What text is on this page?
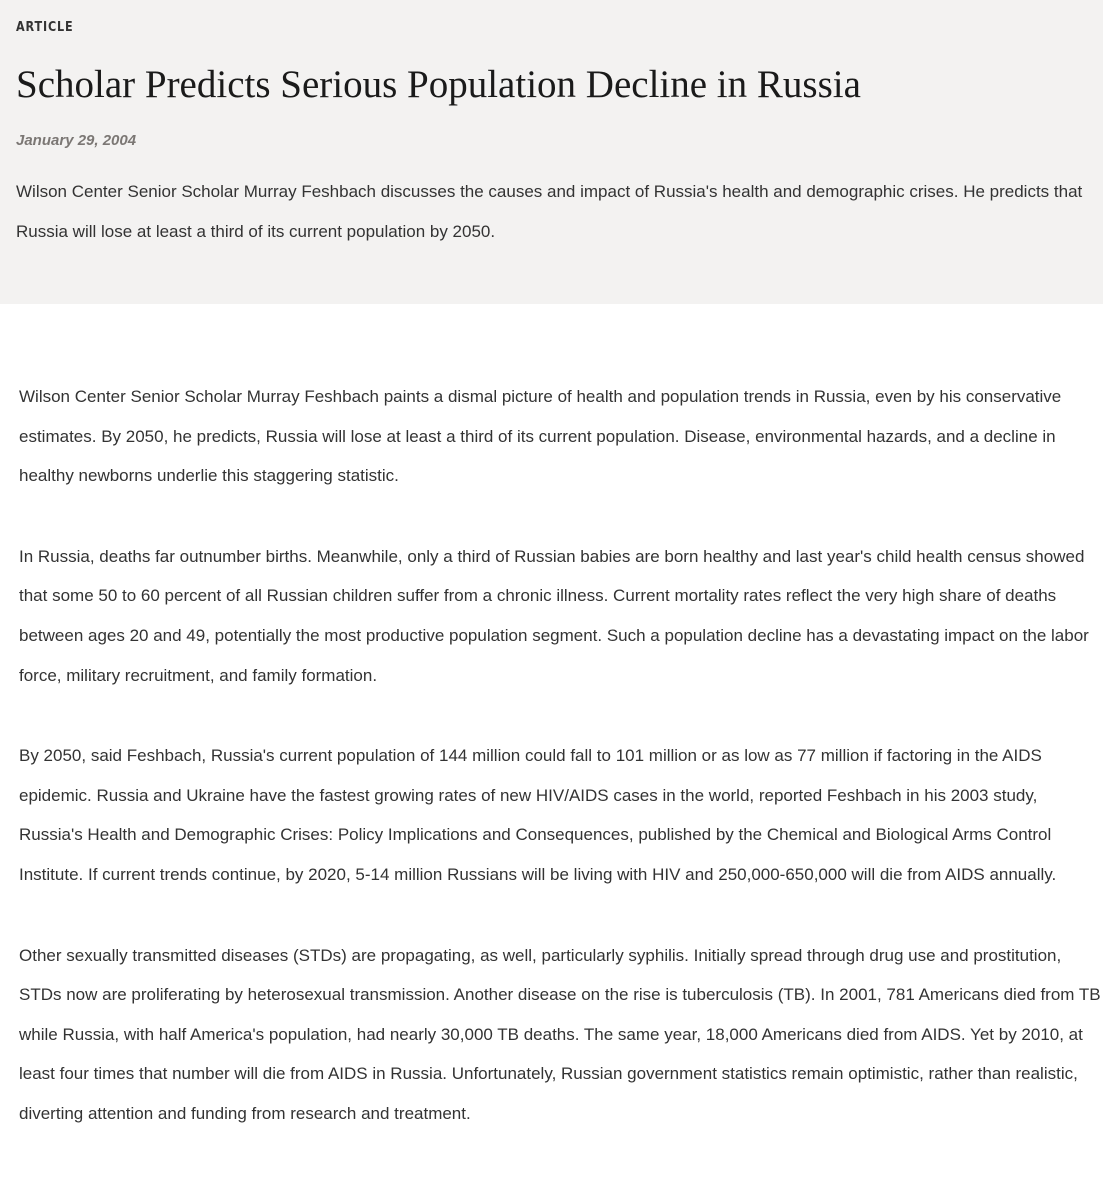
ARTICLE
Scholar Predicts Serious Population Decline in Russia
January 29, 2004

Wilson Center Senior Scholar Murray Feshbach discusses the causes and impact of Russia's health and demographic crises. He predicts that Russia will lose at least a third of its current population by 2050.

Wilson Center Senior Scholar Murray Feshbach paints a dismal picture of health and population trends in Russia, even by his conservative estimates. By 2050, he predicts, Russia will lose at least a third of its current population. Disease, environmental hazards, and a decline in healthy newborns underlie this staggering statistic.

In Russia, deaths far outnumber births. Meanwhile, only a third of Russian babies are born healthy and last year's child health census showed that some 50 to 60 percent of all Russian children suffer from a chronic illness. Current mortality rates reflect the very high share of deaths between ages 20 and 49, potentially the most productive population segment. Such a population decline has a devastating impact on the labor force, military recruitment, and family formation.

By 2050, said Feshbach, Russia's current population of 144 million could fall to 101 million or as low as 77 million if factoring in the AIDS epidemic. Russia and Ukraine have the fastest growing rates of new HIV/AIDS cases in the world, reported Feshbach in his 2003 study, Russia's Health and Demographic Crises: Policy Implications and Consequences, published by the Chemical and Biological Arms Control Institute. If current trends continue, by 2020, 5-14 million Russians will be living with HIV and 250,000-650,000 will die from AIDS annually.

Other sexually transmitted diseases (STDs) are propagating, as well, particularly syphilis. Initially spread through drug use and prostitution, STDs now are proliferating by heterosexual transmission. Another disease on the rise is tuberculosis (TB). In 2001, 781 Americans died from TB while Russia, with half America's population, had nearly 30,000 TB deaths. The same year, 18,000 Americans died from AIDS. Yet by 2010, at least four times that number will die from AIDS in Russia. Unfortunately, Russian government statistics remain optimistic, rather than realistic, diverting attention and funding from research and treatment.
